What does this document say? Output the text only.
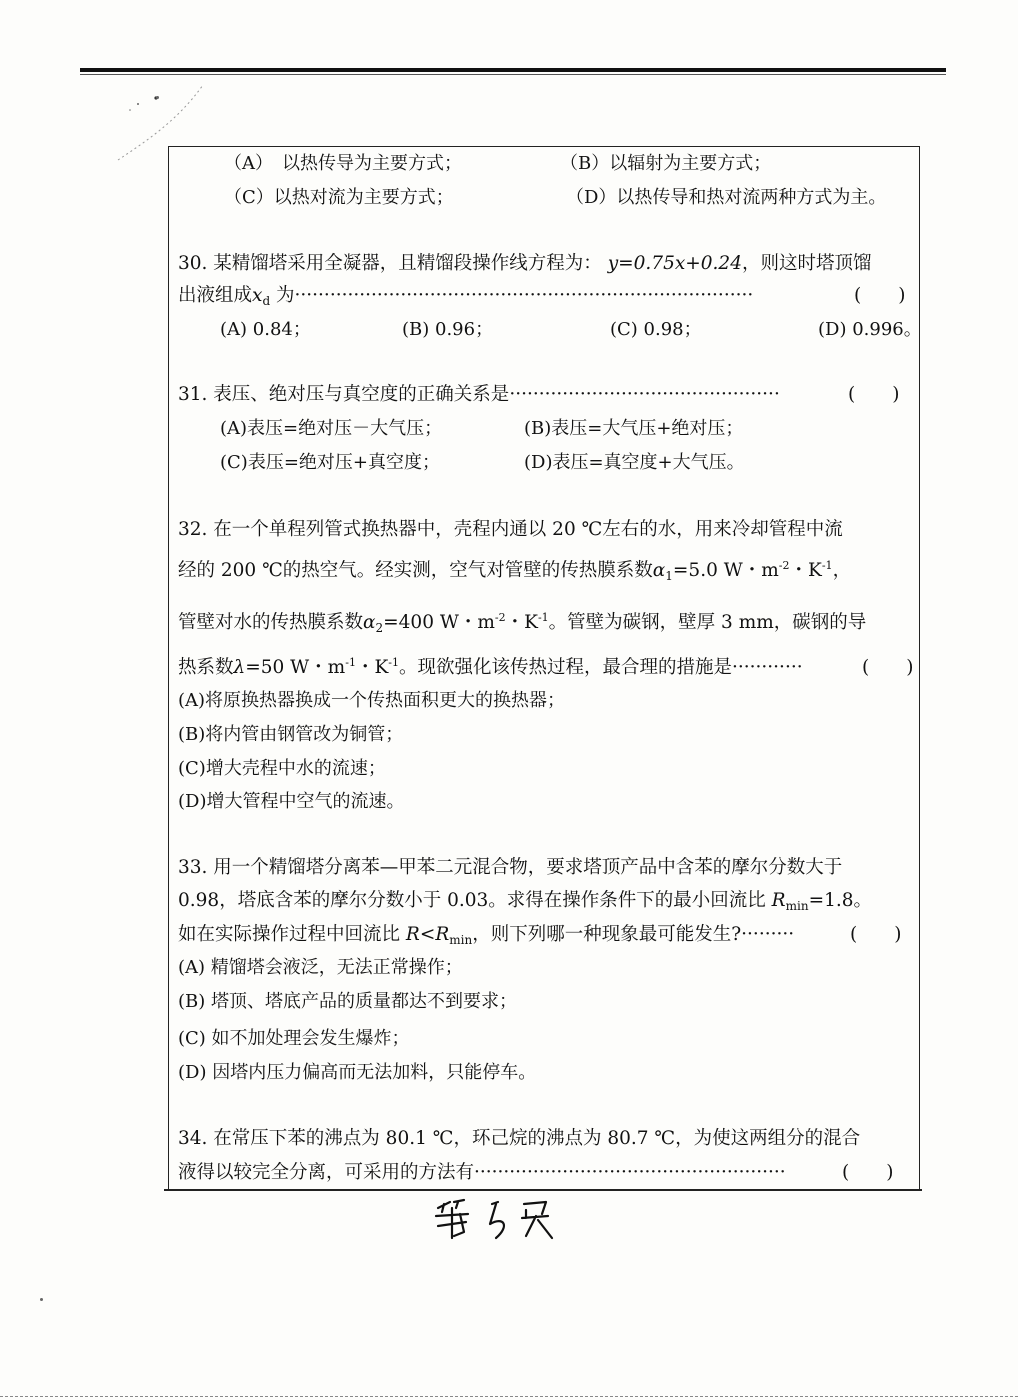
（A）　以热传导为主要方式；	（B）以辐射为主要方式；
（C）以热对流为主要方式；	（D）以热传导和热对流两种方式为主。
30. 某精馏塔采用全凝器，且精馏段操作线方程为： y=0.75x+0.24，则这时塔顶馏
出液组成$x_d$ 为··············································································	(　　)
(A) 0.84；	(B) 0.96；	(C) 0.98；	(D) 0.996。
31. 表压、绝对压与真空度的正确关系是··············································	(　　)
(A)表压=绝对压－大气压；	(B)表压=大气压+绝对压；
(C)表压=绝对压+真空度；	(D)表压=真空度+大气压。
32. 在一个单程列管式换热器中，壳程内通以 20 ℃左右的水，用来冷却管程中流
经的 200 ℃的热空气。经实测，空气对管壁的传热膜系数$\alpha_1=5.0$ W・$m^{-2}$・$K^{-1}$，
管壁对水的传热膜系数$\alpha_2=400$ W・$m^{-2}$・$K^{-1}$。管壁为碳钢，壁厚 3 mm，碳钢的导
热系数λ=50 W・$m^{-1}$・$K^{-1}$。现欲强化该传热过程，最合理的措施是············	(　　)
(A)将原换热器换成一个传热面积更大的换热器；
(B)将内管由钢管改为铜管；
(C)增大壳程中水的流速；
(D)增大管程中空气的流速。
33. 用一个精馏塔分离苯—甲苯二元混合物，要求塔顶产品中含苯的摩尔分数大于
0.98，塔底含苯的摩尔分数小于 0.03。求得在操作条件下的最小回流比 $R_{min}=1.8$。
如在实际操作过程中回流比 $R<R_{min}$，则下列哪一种现象最可能发生?·········	(　　)
(A) 精馏塔会液泛，无法正常操作；
(B) 塔顶、塔底产品的质量都达不到要求；
(C) 如不加处理会发生爆炸；
(D) 因塔内压力偏高而无法加料，只能停车。
34. 在常压下苯的沸点为 80.1 ℃，环己烷的沸点为 80.7 ℃，为使这两组分的混合
液得以较完全分离，可采用的方法有·····················································	(　　)
